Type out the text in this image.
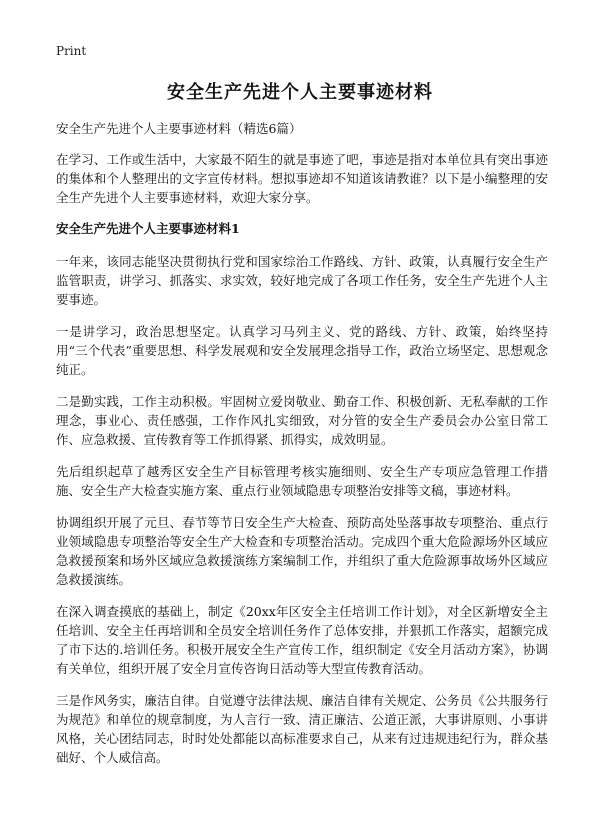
Print
安全生产先进个人主要事迹材料

安全生产先进个人主要事迹材料（精选6篇）

在学习、工作或生活中，大家最不陌生的就是事迹了吧，事迹是指对本单位具有突出事迹的集体和个人整理出的文字宣传材料。想拟事迹却不知道该请教谁？以下是小编整理的安全生产先进个人主要事迹材料，欢迎大家分享。

安全生产先进个人主要事迹材料1

一年来，该同志能坚决贯彻执行党和国家综治工作路线、方针、政策，认真履行安全生产监管职责，讲学习、抓落实、求实效，较好地完成了各项工作任务，安全生产先进个人主要事迹。

一是讲学习，政治思想坚定。认真学习马列主义、党的路线、方针、政策，始终坚持用“三个代表”重要思想、科学发展观和安全发展理念指导工作，政治立场坚定、思想观念纯正。

二是勤实践，工作主动积极。牢固树立爱岗敬业、勤奋工作、积极创新、无私奉献的工作理念，事业心、责任感强，工作作风扎实细致，对分管的安全生产委员会办公室日常工作、应急救援、宣传教育等工作抓得紧、抓得实，成效明显。

先后组织起草了越秀区安全生产目标管理考核实施细则、安全生产专项应急管理工作措施、安全生产大检查实施方案、重点行业领域隐患专项整治安排等文稿，事迹材料。

协调组织开展了元旦、春节等节日安全生产大检查、预防高处坠落事故专项整治、重点行业领域隐患专项整治等安全生产大检查和专项整治活动。完成四个重大危险源场外区域应急救援预案和场外区域应急救援演练方案编制工作，并组织了重大危险源事故场外区域应急救援演练。

在深入调查摸底的基础上，制定《20xx年区安全主任培训工作计划》，对全区新增安全主任培训、安全主任再培训和全员安全培训任务作了总体安排，并狠抓工作落实，超额完成了市下达的.培训任务。积极开展安全生产宣传工作，组织制定《安全月活动方案》，协调有关单位，组织开展了安全月宣传咨询日活动等大型宣传教育活动。

三是作风务实，廉洁自律。自觉遵守法律法规、廉洁自律有关规定、公务员《公共服务行为规范》和单位的规章制度，为人言行一致、清正廉洁、公道正派，大事讲原则、小事讲风格，关心团结同志，时时处处都能以高标准要求自己，从来有过违规违纪行为，群众基础好、个人威信高。
